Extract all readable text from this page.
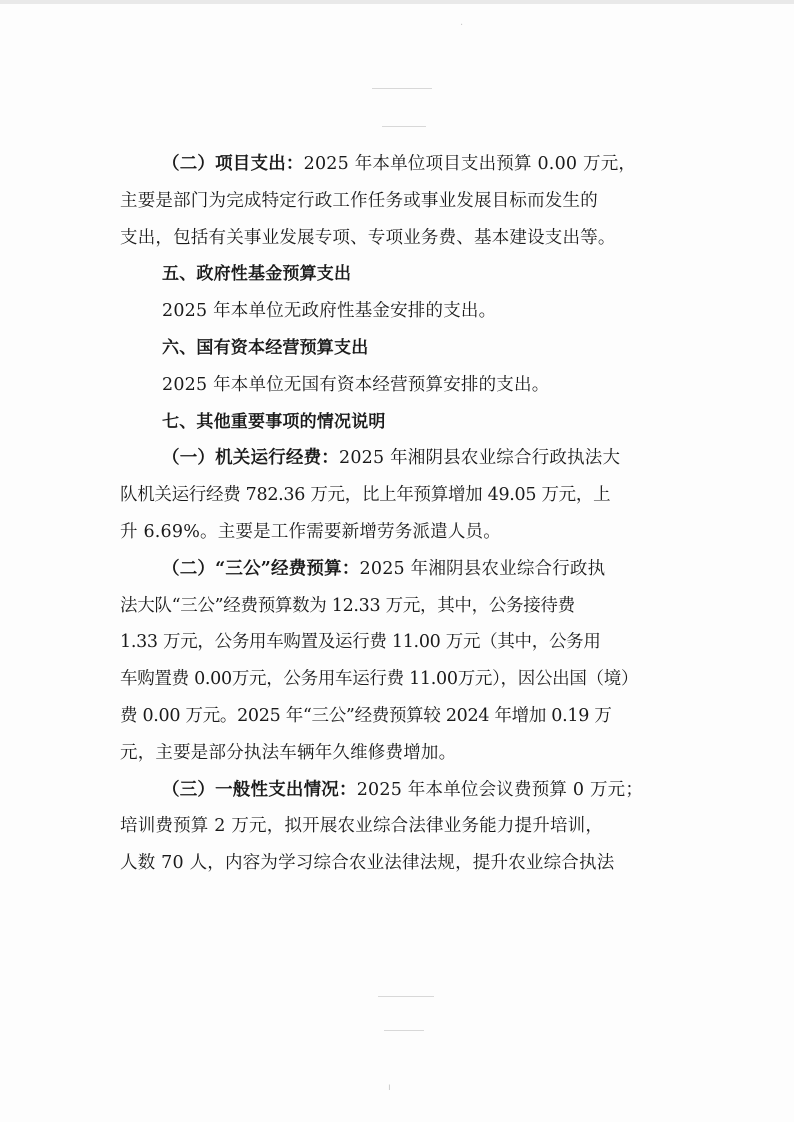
·
ı
（二）项目支出：2025 年本单位项目支出预算 0.00 万元，
主要是部门为完成特定行政工作任务或事业发展目标而发生的
支出，包括有关事业发展专项、专项业务费、基本建设支出等。
五、政府性基金预算支出
2025 年本单位无政府性基金安排的支出。
六、国有资本经营预算支出
2025 年本单位无国有资本经营预算安排的支出。
七、其他重要事项的情况说明
（一）机关运行经费：2025 年湘阴县农业综合行政执法大
队机关运行经费 782.36 万元，比上年预算增加 49.05 万元，上
升 6.69%。主要是工作需要新增劳务派遣人员。
（二）“三公”经费预算：2025 年湘阴县农业综合行政执
法大队“三公”经费预算数为 12.33 万元，其中，公务接待费
1.33 万元，公务用车购置及运行费 11.00 万元（其中，公务用
车购置费 0.00万元，公务用车运行费 11.00万元），因公出国（境）
费 0.00 万元。2025 年“三公”经费预算较 2024 年增加 0.19 万
元，主要是部分执法车辆年久维修费增加。
（三）一般性支出情况：2025 年本单位会议费预算 0 万元；
培训费预算 2 万元，拟开展农业综合法律业务能力提升培训，
人数 70 人，内容为学习综合农业法律法规，提升农业综合执法
